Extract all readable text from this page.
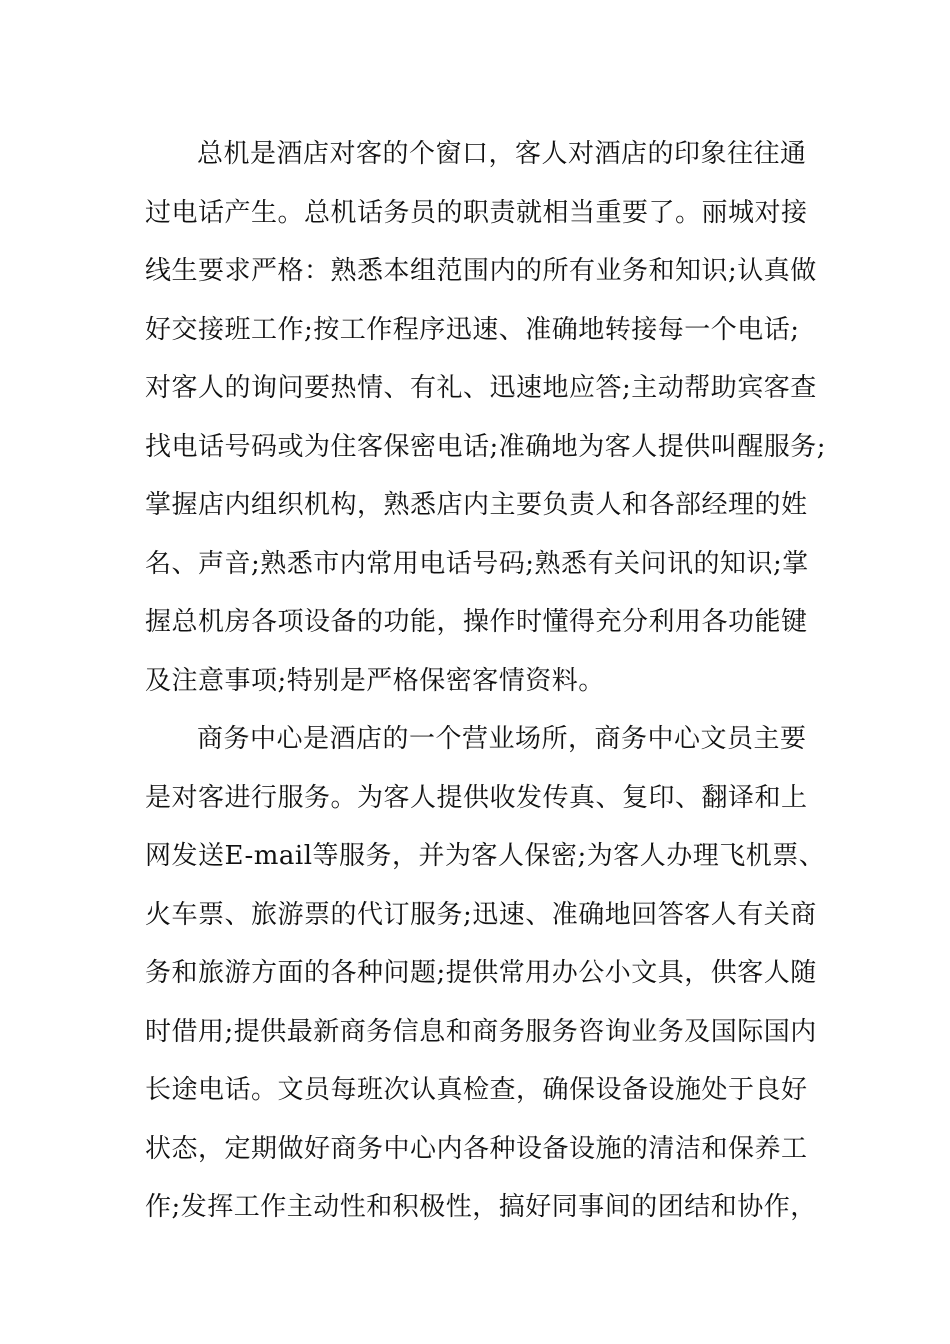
总机是酒店对客的个窗口，客人对酒店的印象往往通
过电话产生。总机话务员的职责就相当重要了。丽城对接
线生要求严格：熟悉本组范围内的所有业务和知识;认真做
好交接班工作;按工作程序迅速、准确地转接每一个电话;
对客人的询问要热情、有礼、迅速地应答;主动帮助宾客查
找电话号码或为住客保密电话;准确地为客人提供叫醒服务;
掌握店内组织机构，熟悉店内主要负责人和各部经理的姓
名、声音;熟悉市内常用电话号码;熟悉有关问讯的知识;掌
握总机房各项设备的功能，操作时懂得充分利用各功能键
及注意事项;特别是严格保密客情资料。
商务中心是酒店的一个营业场所，商务中心文员主要
是对客进行服务。为客人提供收发传真、复印、翻译和上
网发送E-mail等服务，并为客人保密;为客人办理飞机票、
火车票、旅游票的代订服务;迅速、准确地回答客人有关商
务和旅游方面的各种问题;提供常用办公小文具，供客人随
时借用;提供最新商务信息和商务服务咨询业务及国际国内
长途电话。文员每班次认真检查，确保设备设施处于良好
状态，定期做好商务中心内各种设备设施的清洁和保养工
作;发挥工作主动性和积极性，搞好同事间的团结和协作，
